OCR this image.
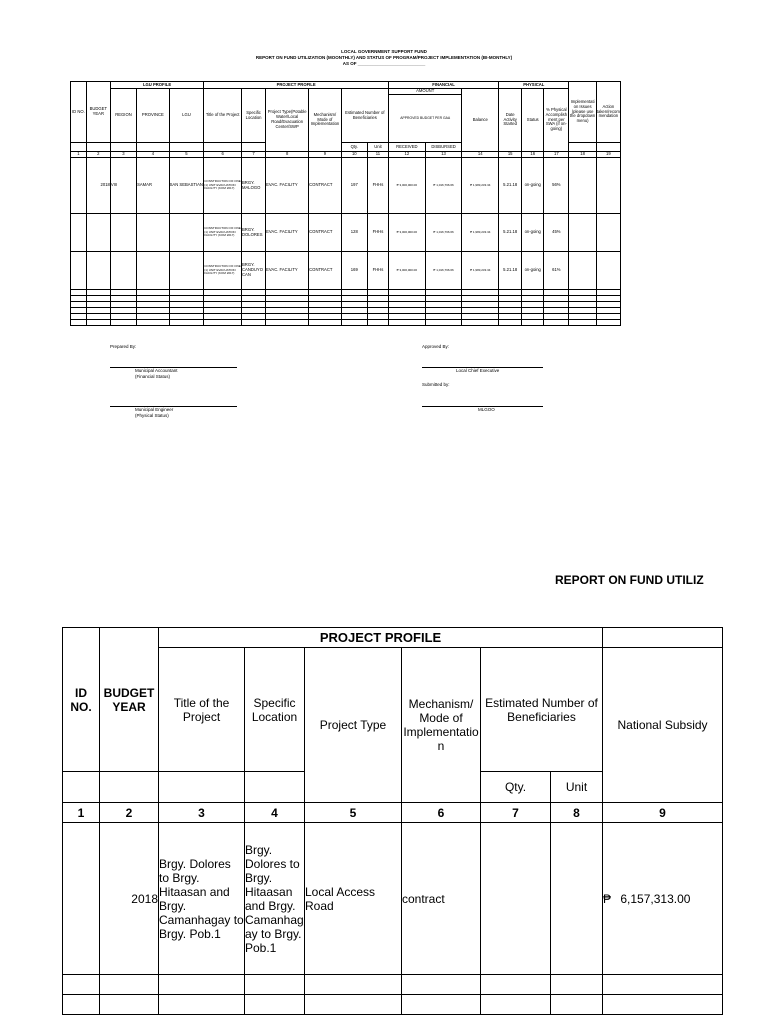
LOCAL GOVERNMENT SUPPORT FUND
REPORT ON FUND UTILIZATION (MOONTHLY) AND STATUS OF PROGRAM/PROJECT IMPLEMENTATION (BI-MONTHLY)
AS OF ___________________________
ID NO.	BUDGET YEAR	LGU PROFILE			PROJECT PROFILE						FINANCIAL			PHYSICAL			Implementation Issues (please use the dropdown menu)	Action taken/recommendation
		REGION	PROVINCE	LGU	Title of the Project	Specific Location	Project Type(Potable Water/Local Road/Evacuation Center/SWP	Mechanism/ Mode of Implementation	Estimated Number of Beneficiaries		AMOUNT		Balance	Date Activity Started	Status	% Physical Accomplishment per SWA (if on-going)		
											APPROVED BUDGET PER GAA							
									Qty.	Unit	RECEIVED	DISBURSED						
1	2	3	4	5	6	7	8	9	10	11	12	13	14	15	16	17	18	19
	2018	VIII	SAMAR	SAN SEBASTIAN	CONSTRUCTION OF ONE (1) UNIT EVACUATION FACILITY (KOM 2017)	BRGY. MALOGO	EVAC. FACILITY	CONTRACT	197	FHHs	₱ 3,000,000.00	₱ 1,016,766.66	₱ 1,983,233.34	5.21.18	on-going	56%		
					CONSTRUCTION OF ONE (1) UNIT EVACUATION FACILITY (KOM 2017)	BRGY. DOLORES	EVAC. FACILITY	CONTRACT	128	FHHs	₱ 3,000,000.00	₱ 1,016,766.66	₱ 1,983,233.34	5.21.18	on-going	45%		
					CONSTRUCTION OF ONE (1) UNIT EVACUATION FACILITY (KOM 2017)	BRGY. CANDUYO CAN	EVAC. FACILITY	CONTRACT	169	FHHs	₱ 3,000,000.00	₱ 1,016,766.66	₱ 1,983,233.34	5.21.18	on-going	61%		

Prepared By:	Approved By:
Municipal Accountant
(Financial Status)
Local Chief Executive
Submitted by:
Municipal Engineer
(Physical Status)
MLGOO
REPORT ON FUND UTILIZ
ID NO.	BUDGET YEAR	PROJECT PROFILE						
		Title of the Project	Specific Location	Project Type	Mechanism/ Mode of Implementation	Estimated Number of Beneficiaries		National Subsidy

						Qty.	Unit	
1	2	3	4	5	6	7	8	9
	2018	Brgy. Dolores to Brgy. Hitaasan and Brgy. Camanhagay to Brgy. Pob.1	Brgy. Dolores to Brgy. Hitaasan and Brgy. Camanhagay to Brgy. Pob.1	Local Access Road	contract			₱ 6,157,313.00
